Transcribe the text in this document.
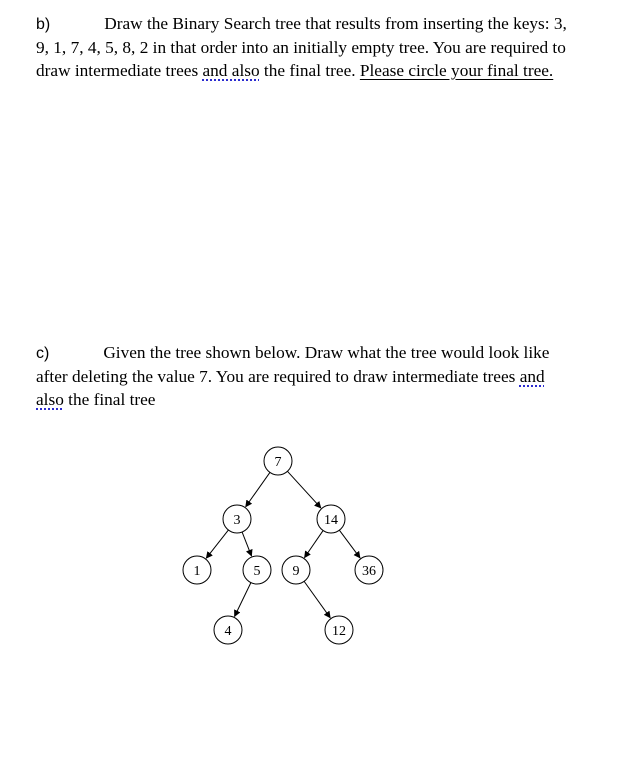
b)	Draw the Binary Search tree that results from inserting the keys: 3,
9, 1, 7, 4, 5, 8, 2 in that order into an initially empty tree. You are required to
draw intermediate trees and also the final tree. Please circle your final tree.
c)	Given the tree shown below. Draw what the tree would look like
after deleting the value 7. You are required to draw intermediate trees and
also the final tree
7
3	14
1	5 9	36
4	12
